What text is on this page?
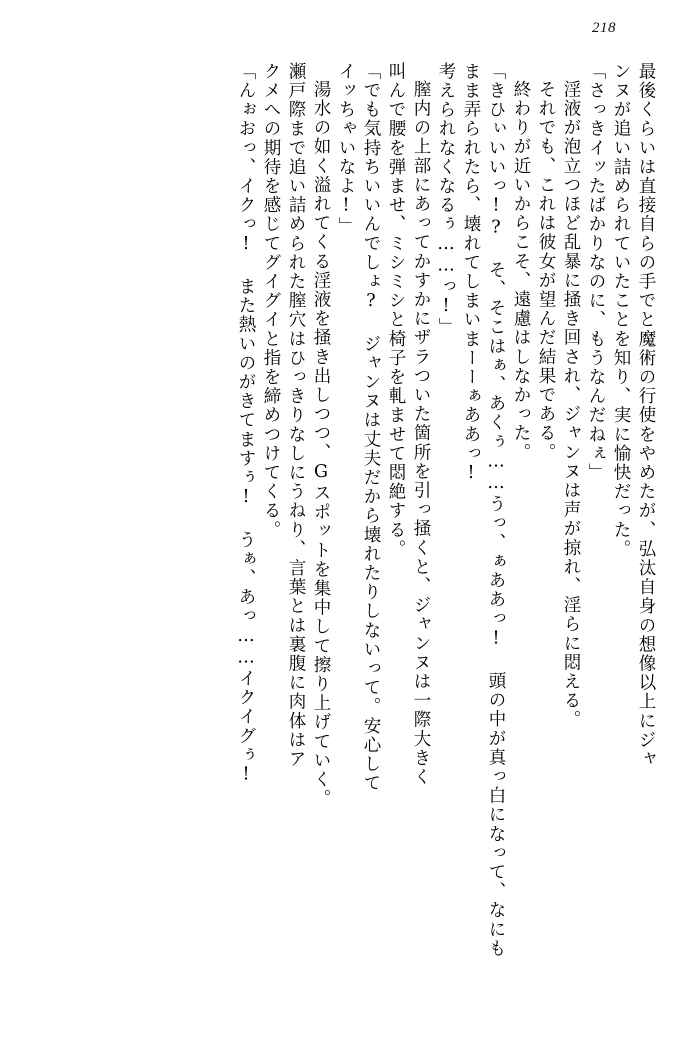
218
最後くらいは直接自らの手でと魔術の行使をやめたが、弘汰自身の想像以上にジャ
ンヌが追い詰められていたことを知り、実に愉快だった。
「さっきイッたばかりなのに、もうなんだねぇ」
淫液が泡立つほど乱暴に掻き回され、ジャンヌは声が掠れ、淫らに悶える。
それでも、これは彼女が望んだ結果である。
終わりが近いからこそ、遠慮はしなかった。
「きひぃいいっ!? そ、そこはぁ、あくぅ……うっ、ぁああっ! 頭の中が真っ白になって、なにも
まま弄られたら、壊れてしまいまーーぁああっ!
考えられなくなるぅ……っ!」
膣内の上部にあってかすかにザラついた箇所を引っ掻くと、ジャンヌは一際大きく
叫んで腰を弾ませ、ミシミシと椅子を軋ませて悶絶する。
「でも気持ちいいんでしょ? ジャンヌは丈夫だから壊れたりしないって。安心して
イッちゃいなよ!」
湯水の如く溢れてくる淫液を掻き出しつつ、Gスポットを集中して擦り上げていく。
瀬戸際まで追い詰められた膣穴はひっきりなしにうねり、言葉とは裏腹に肉体はア
クメへの期待を感じてグイグイと指を締めつけてくる。
「んぉおっ、イクっ! また熱いのがきてますぅ! うぁ、あっ……イクイグぅ!
